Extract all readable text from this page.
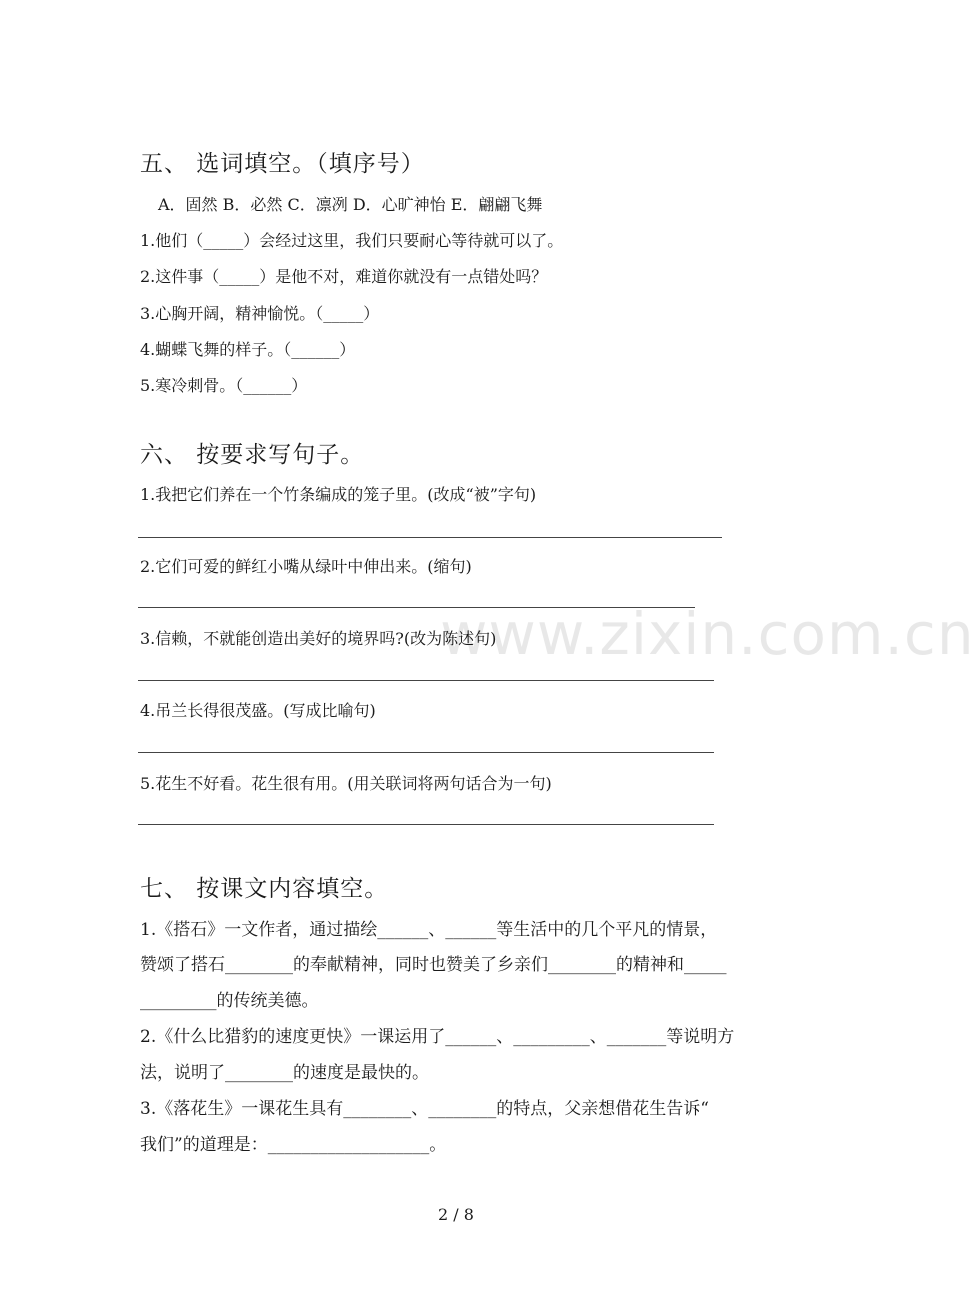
www.zixin.com.cn
五、 选词填空。（填序号）
A．固然 B．必然 C．凛冽 D．心旷神怡 E．翩翩飞舞
1.他们（_____）会经过这里，我们只要耐心等待就可以了。
2.这件事（_____）是他不对，难道你就没有一点错处吗？
3.心胸开阔，精神愉悦。（_____）
4.蝴蝶飞舞的样子。（______）
5.寒冷刺骨。（______）
六、 按要求写句子。
1.我把它们养在一个竹条编成的笼子里。(改成“被”字句)
2.它们可爱的鲜红小嘴从绿叶中伸出来。(缩句)
3.信赖，不就能创造出美好的境界吗?(改为陈述句)
4.吊兰长得很茂盛。(写成比喻句)
5.花生不好看。花生很有用。(用关联词将两句话合为一句)
七、 按课文内容填空。
1.《搭石》一文作者，通过描绘______、______等生活中的几个平凡的情景，
赞颂了搭石________的奉献精神，同时也赞美了乡亲们________的精神和_____
_________的传统美德。
2.《什么比猎豹的速度更快》一课运用了______、_________、_______等说明方
法，说明了________的速度是最快的。
3.《落花生》一课花生具有________、________的特点，父亲想借花生告诉“
我们”的道理是：___________________。
2 / 8
